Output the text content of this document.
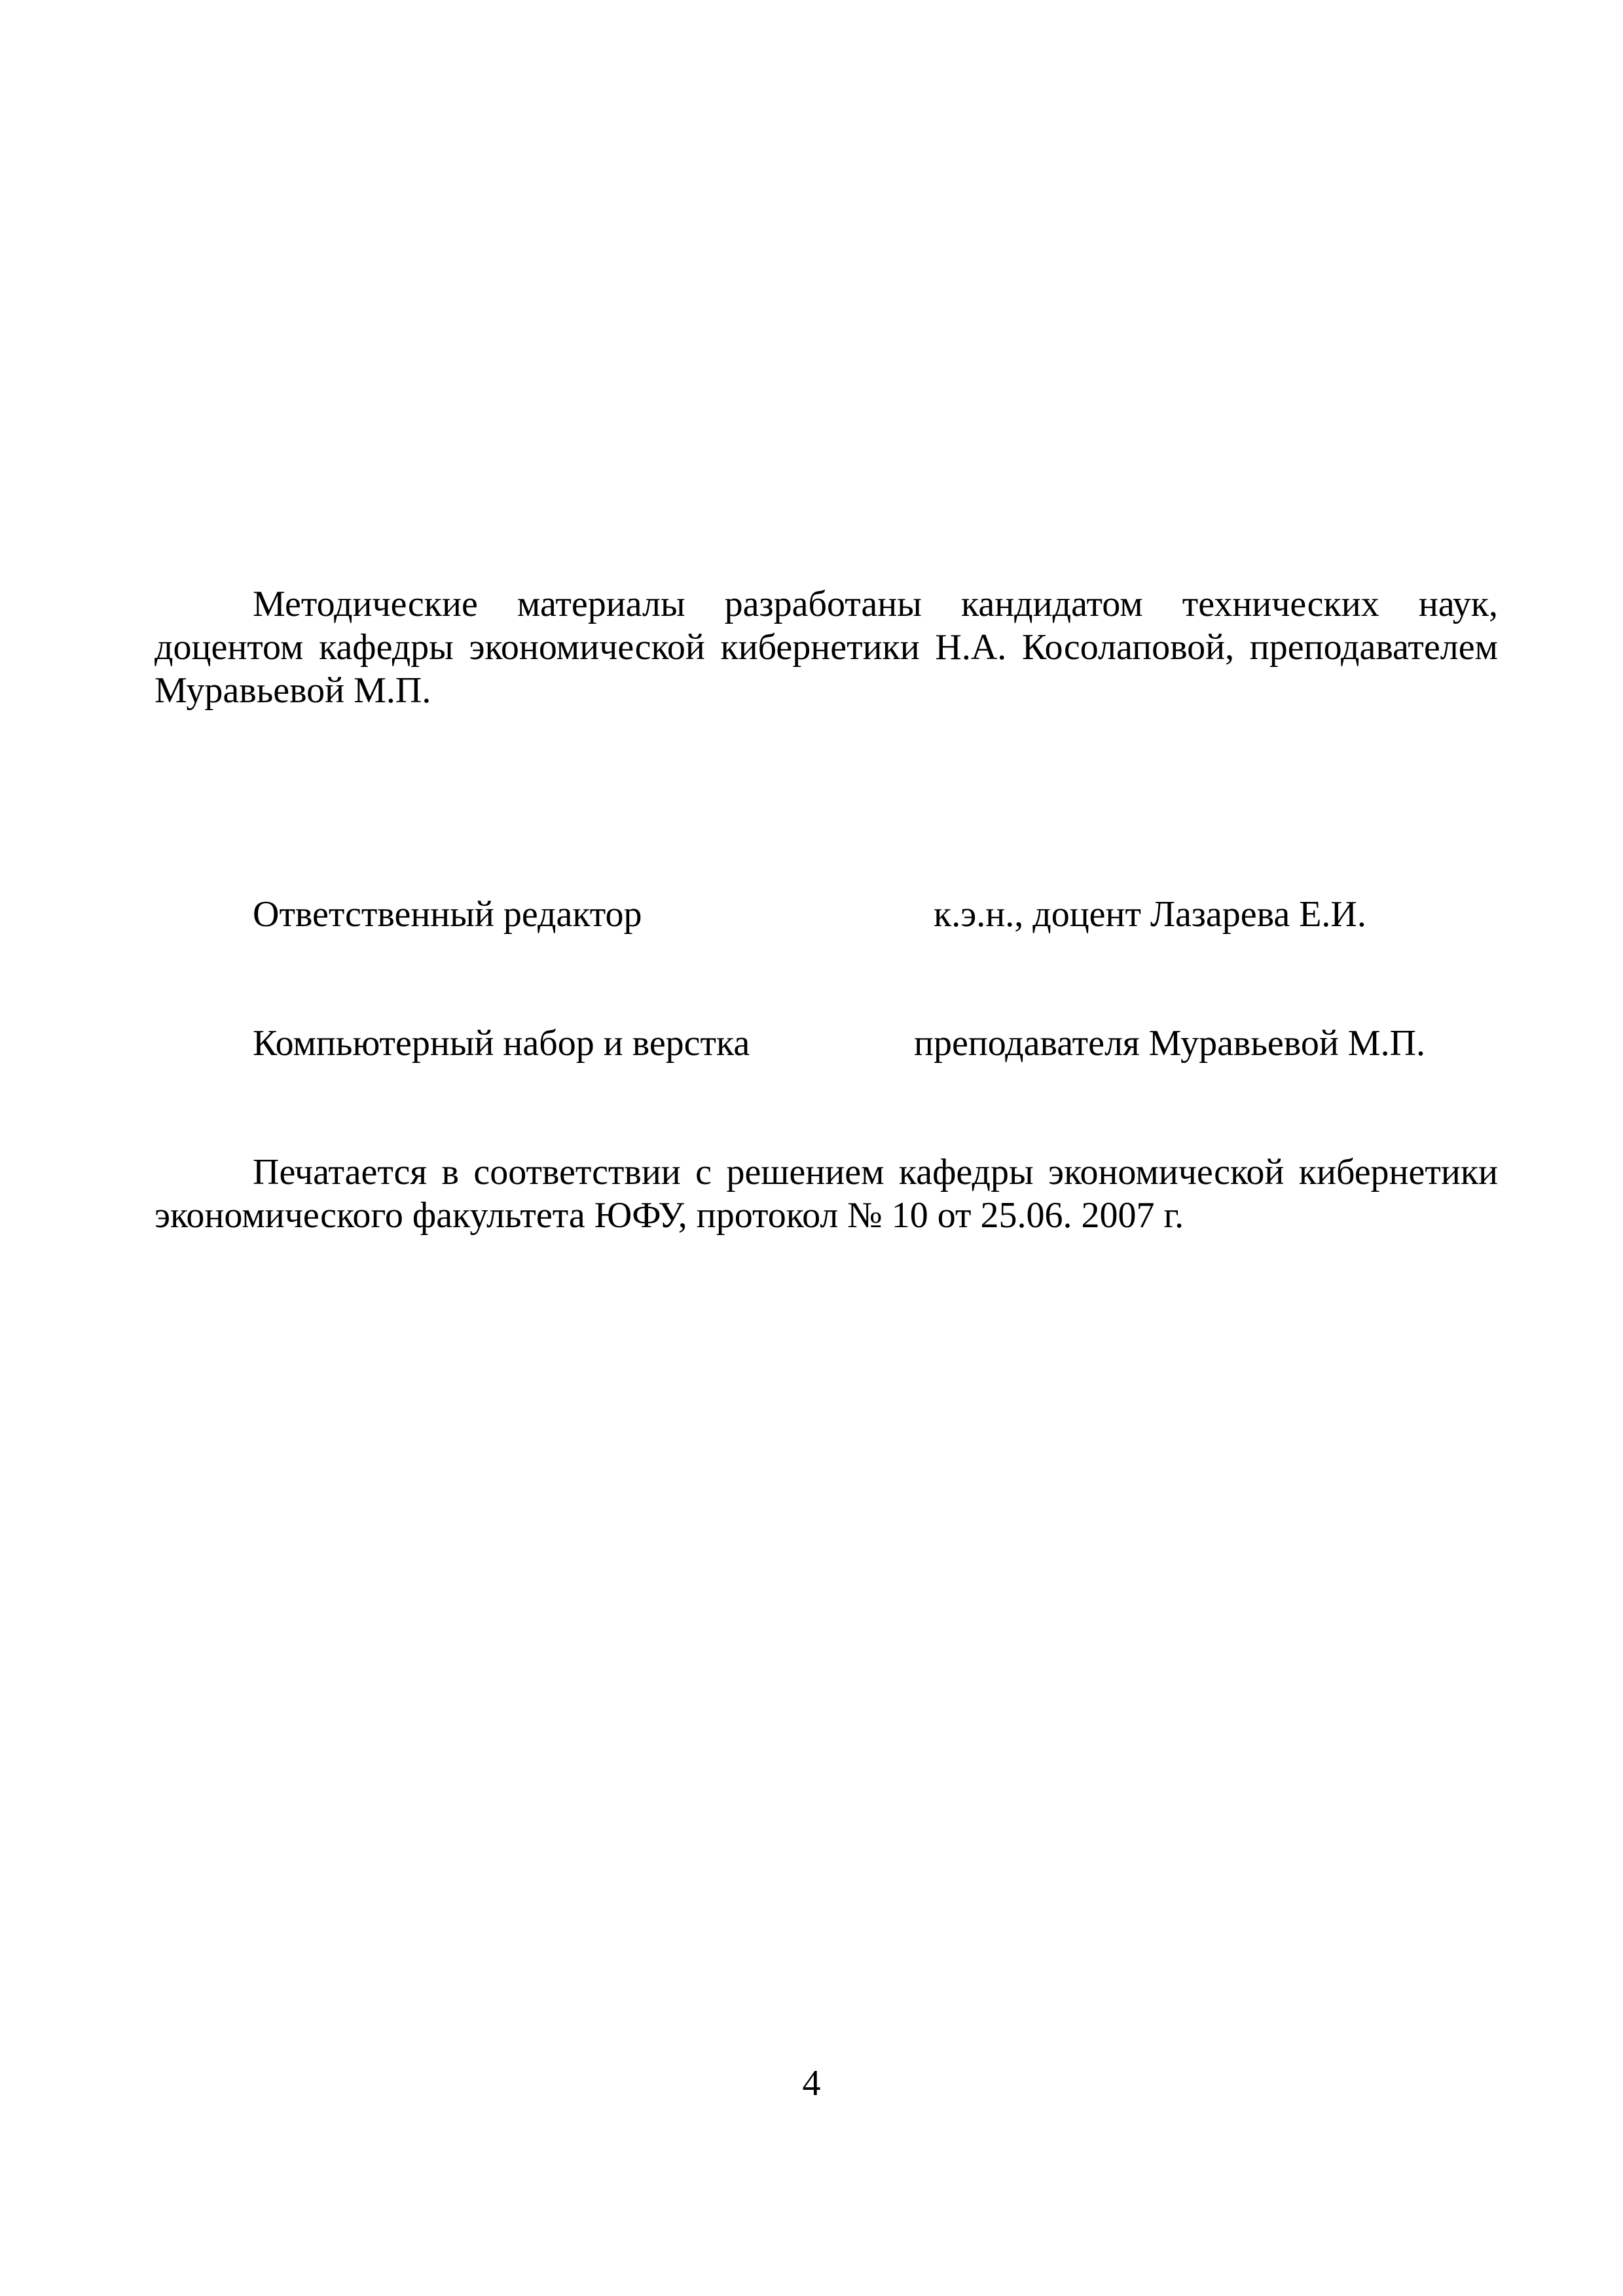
Методические материалы разработаны кандидатом технических наук, доцентом кафедры экономической кибернетики Н.А. Косолаповой, преподавателем Муравьевой М.П.

Ответственный редактор	к.э.н., доцент Лазарева Е.И.
Компьютерный набор и верстка	преподавателя Муравьевой М.П.

Печатается в соответствии с решением кафедры экономической кибернетики экономического факультета ЮФУ, протокол № 10 от 25.06. 2007 г.

4
